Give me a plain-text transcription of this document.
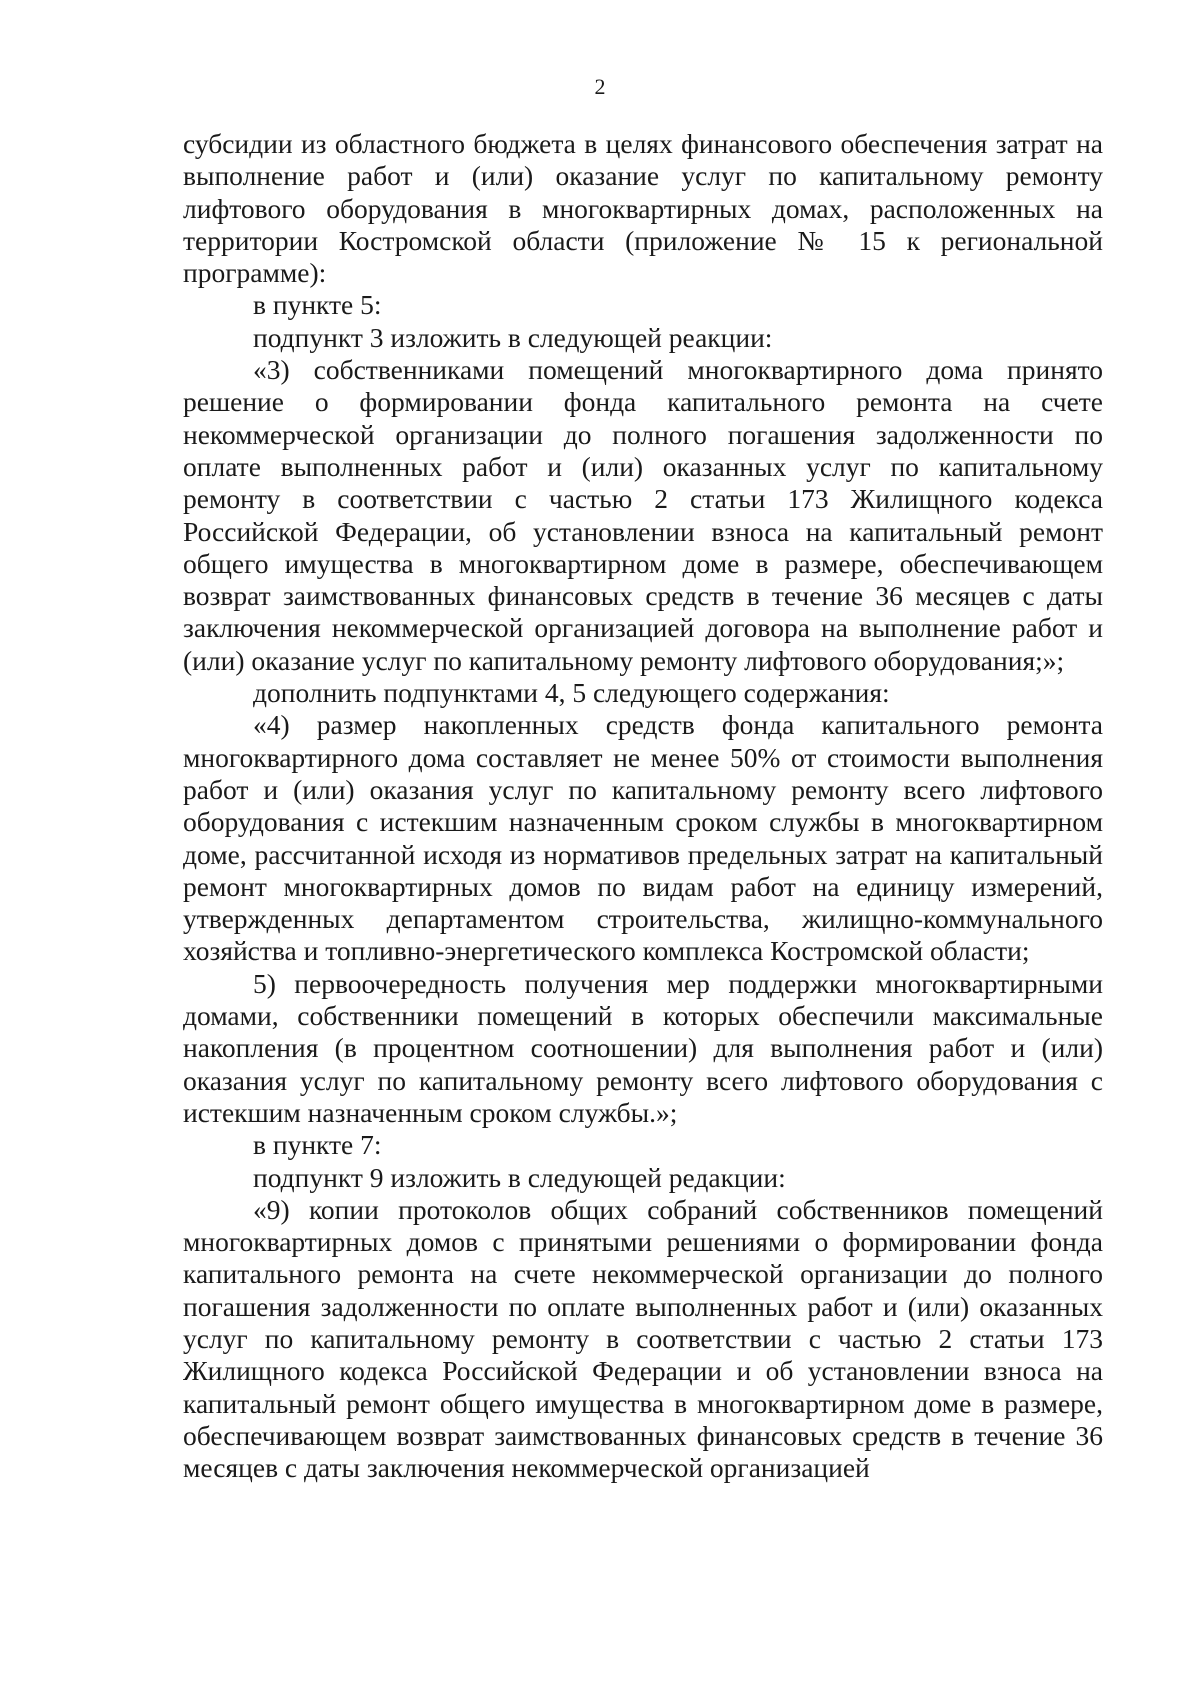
2

субсидии из областного бюджета в целях финансового обеспечения затрат на выполнение работ и (или) оказание услуг по капитальному ремонту лифтового оборудования в многоквартирных домах, расположенных на территории Костромской области (приложение № 15 к региональной программе):

в пункте 5:

подпункт 3 изложить в следующей реакции:

«3) собственниками помещений многоквартирного дома принято решение о формировании фонда капитального ремонта на счете некоммерческой организации до полного погашения задолженности по оплате выполненных работ и (или) оказанных услуг по капитальному ремонту в соответствии с частью 2 статьи 173 Жилищного кодекса Российской Федерации, об установлении взноса на капитальный ремонт общего имущества в многоквартирном доме в размере, обеспечивающем возврат заимствованных финансовых средств в течение 36 месяцев с даты заключения некоммерческой организацией договора на выполнение работ и (или) оказание услуг по капитальному ремонту лифтового оборудования;»;

дополнить подпунктами 4, 5 следующего содержания:

«4) размер накопленных средств фонда капитального ремонта многоквартирного дома составляет не менее 50% от стоимости выполнения работ и (или) оказания услуг по капитальному ремонту всего лифтового оборудования с истекшим назначенным сроком службы в многоквартирном доме, рассчитанной исходя из нормативов предельных затрат на капитальный ремонт многоквартирных домов по видам работ на единицу измерений, утвержденных департаментом строительства, жилищно-коммунального хозяйства и топливно-энергетического комплекса Костромской области;

5) первоочередность получения мер поддержки многоквартирными домами, собственники помещений в которых обеспечили максимальные накопления (в процентном соотношении) для выполнения работ и (или) оказания услуг по капитальному ремонту всего лифтового оборудования с истекшим назначенным сроком службы.»;

в пункте 7:

подпункт 9 изложить в следующей редакции:

«9) копии протоколов общих собраний собственников помещений многоквартирных домов с принятыми решениями о формировании фонда капитального ремонта на счете некоммерческой организации до полного погашения задолженности по оплате выполненных работ и (или) оказанных услуг по капитальному ремонту в соответствии с частью 2 статьи 173 Жилищного кодекса Российской Федерации и об установлении взноса на капитальный ремонт общего имущества в многоквартирном доме в размере, обеспечивающем возврат заимствованных финансовых средств в течение 36 месяцев с даты заключения некоммерческой организацией
